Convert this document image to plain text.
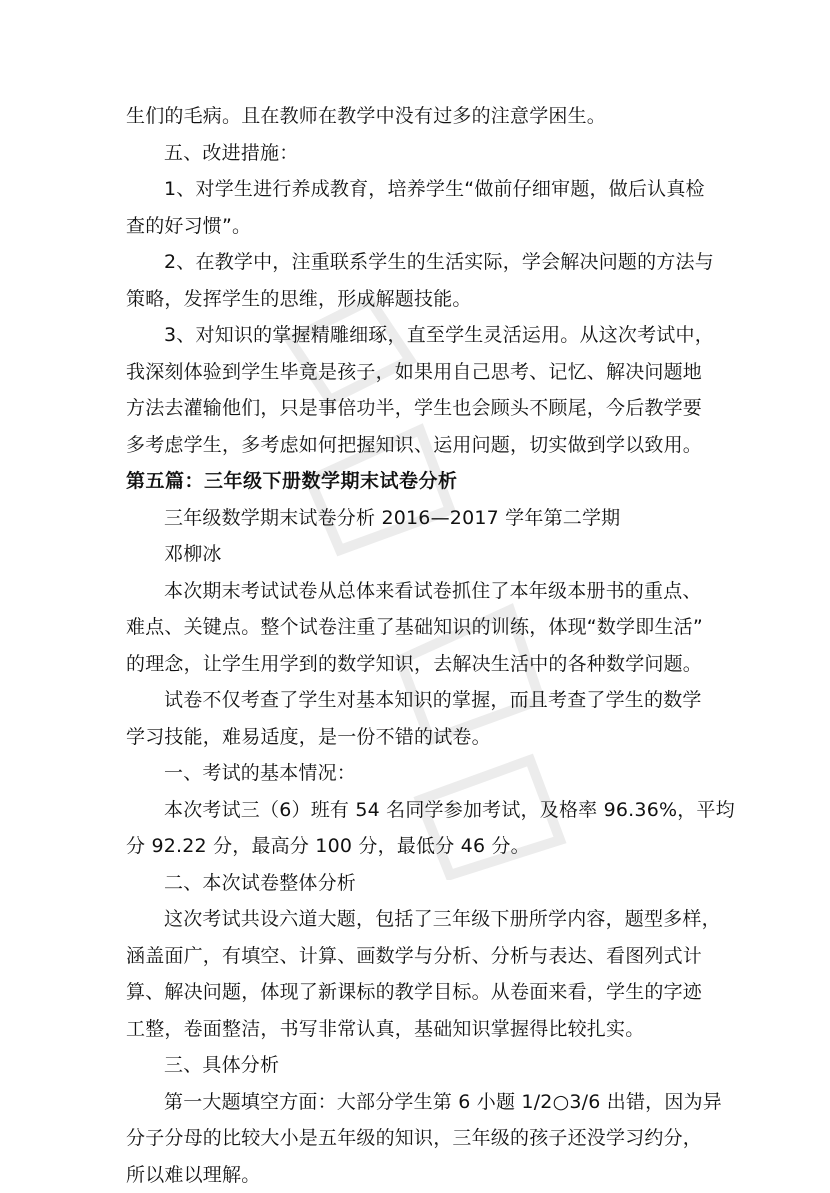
生们的毛病。且在教师在教学中没有过多的注意学困生。

五、改进措施：

1、对学生进行养成教育，培养学生“做前仔细审题，做后认真检

查的好习惯”。

2、在教学中，注重联系学生的生活实际，学会解决问题的方法与

策略，发挥学生的思维，形成解题技能。

3、对知识的掌握精雕细琢，直至学生灵活运用。从这次考试中，

我深刻体验到学生毕竟是孩子，如果用自己思考、记忆、解决问题地

方法去灌输他们，只是事倍功半，学生也会顾头不顾尾，今后教学要

多考虑学生，多考虑如何把握知识、运用问题，切实做到学以致用。

第五篇：三年级下册数学期末试卷分析

三年级数学期末试卷分析 2016—2017 学年第二学期

邓柳冰

本次期末考试试卷从总体来看试卷抓住了本年级本册书的重点、

难点、关键点。整个试卷注重了基础知识的训练，体现“数学即生活”

的理念，让学生用学到的数学知识，去解决生活中的各种数学问题。

试卷不仅考查了学生对基本知识的掌握，而且考查了学生的数学

学习技能，难易适度，是一份不错的试卷。

一、考试的基本情况：

本次考试三（6）班有 54 名同学参加考试，及格率 96.36%，平均

分 92.22 分，最高分 100 分，最低分 46 分。

二、本次试卷整体分析

这次考试共设六道大题，包括了三年级下册所学内容，题型多样，

涵盖面广，有填空、计算、画数学与分析、分析与表达、看图列式计

算、解决问题，体现了新课标的教学目标。从卷面来看，学生的字迹

工整，卷面整洁，书写非常认真，基础知识掌握得比较扎实。

三、具体分析

第一大题填空方面：大部分学生第 6 小题 1/2○3/6 出错，因为异

分子分母的比较大小是五年级的知识，三年级的孩子还没学习约分，

所以难以理解。
